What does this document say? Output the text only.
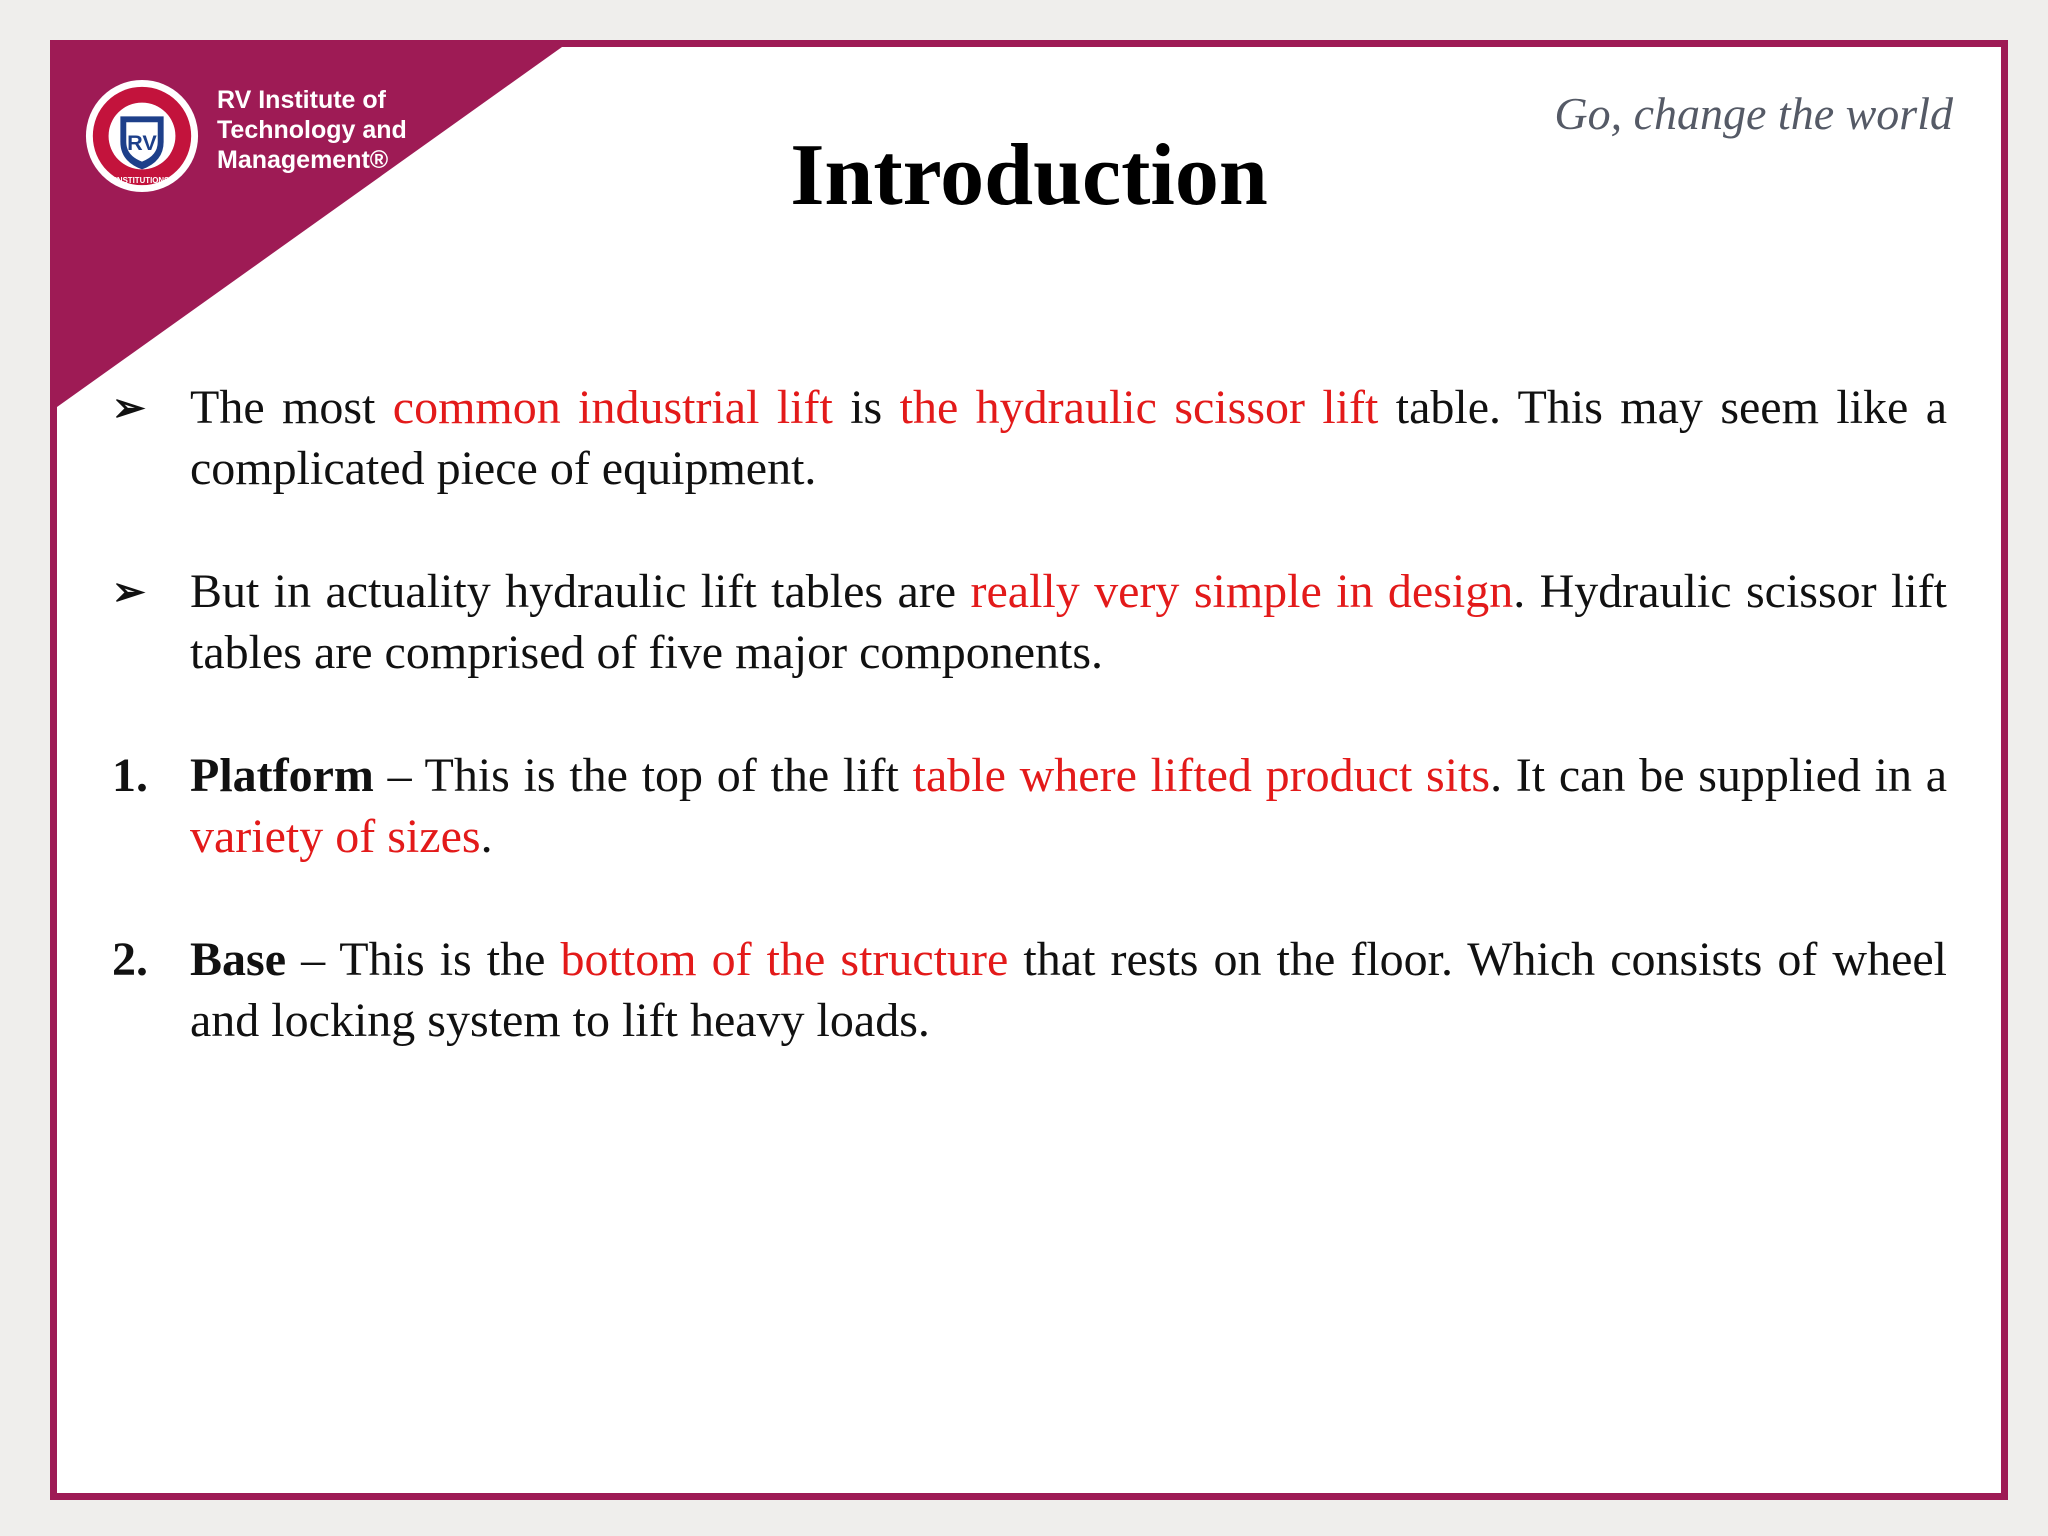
RV
INSTITUTIONS
RV Institute of
Technology and
Management®
Go, change the world
Introduction
➢ The most common industrial lift is the hydraulic scissor lift table. This may seem like a complicated piece of equipment.
➢ But in actuality hydraulic lift tables are really very simple in design. Hydraulic scissor lift tables are comprised of five major components.
1. Platform – This is the top of the lift table where lifted product sits. It can be supplied in a variety of sizes.
2. Base – This is the bottom of the structure that rests on the floor. Which consists of wheel and locking system to lift heavy loads.
